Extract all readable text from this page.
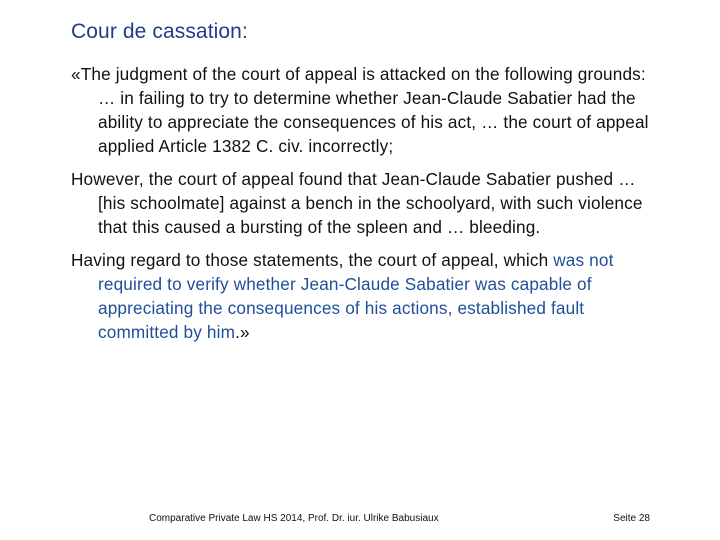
Cour de cassation:

«The judgment of the court of appeal is attacked on the following grounds: … in failing to try to determine whether Jean-Claude Sabatier had the ability to appreciate the consequences of his act, … the court of appeal applied Article 1382 C. civ. incorrectly;

However, the court of appeal found that Jean-Claude Sabatier pushed …[his schoolmate] against a bench in the schoolyard, with such violence that this caused a bursting of the spleen and … bleeding.

Having regard to those statements, the court of appeal, which was not required to verify whether Jean-Claude Sabatier was capable of appreciating the consequences of his actions, established fault committed by him.»

Comparative Private Law HS 2014, Prof. Dr. iur. Ulrike Babusiaux	Seite 28
